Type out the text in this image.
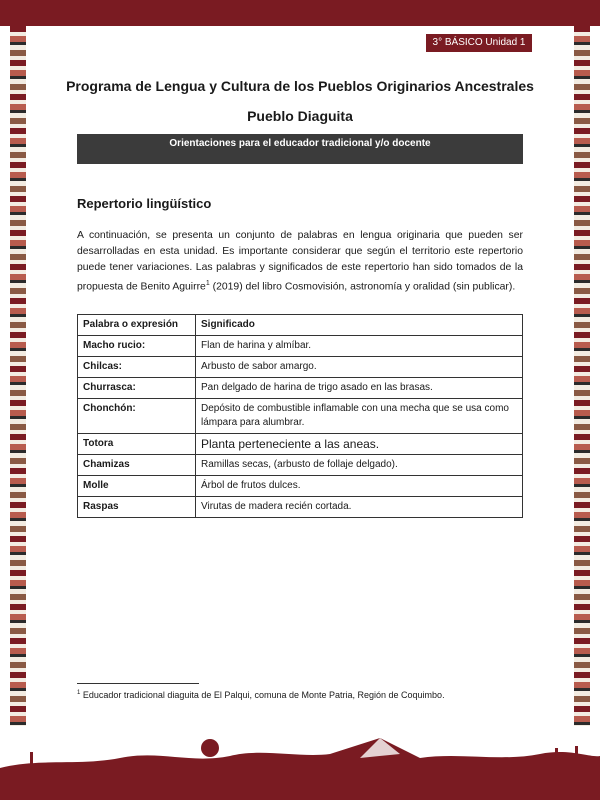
3° BÁSICO Unidad 1
Programa de Lengua y Cultura de los Pueblos Originarios Ancestrales
Pueblo Diaguita
Orientaciones para el educador tradicional y/o docente
Repertorio lingüístico
A continuación, se presenta un conjunto de palabras en lengua originaria que pueden ser desarrolladas en esta unidad. Es importante considerar que según el territorio este repertorio puede tener variaciones. Las palabras y significados de este repertorio han sido tomados de la propuesta de Benito Aguirre$^1$ (2019) del libro Cosmovisión, astronomía y oralidad (sin publicar).
Palabra o expresión	Significado
Macho rucio:	Flan de harina y almíbar.
Chilcas:	Arbusto de sabor amargo.
Churrasca:	Pan delgado de harina de trigo asado en las brasas.
Chonchón:	Depósito de combustible inflamable con una mecha que se usa como lámpara para alumbrar.
Totora	Planta perteneciente a las aneas.
Chamizas	Ramillas secas, (arbusto de follaje delgado).
Molle	Árbol de frutos dulces.
Raspas	Virutas de madera recién cortada.
$^1$ Educador tradicional diaguita de El Palqui, comuna de Monte Patria, Región de Coquimbo.
